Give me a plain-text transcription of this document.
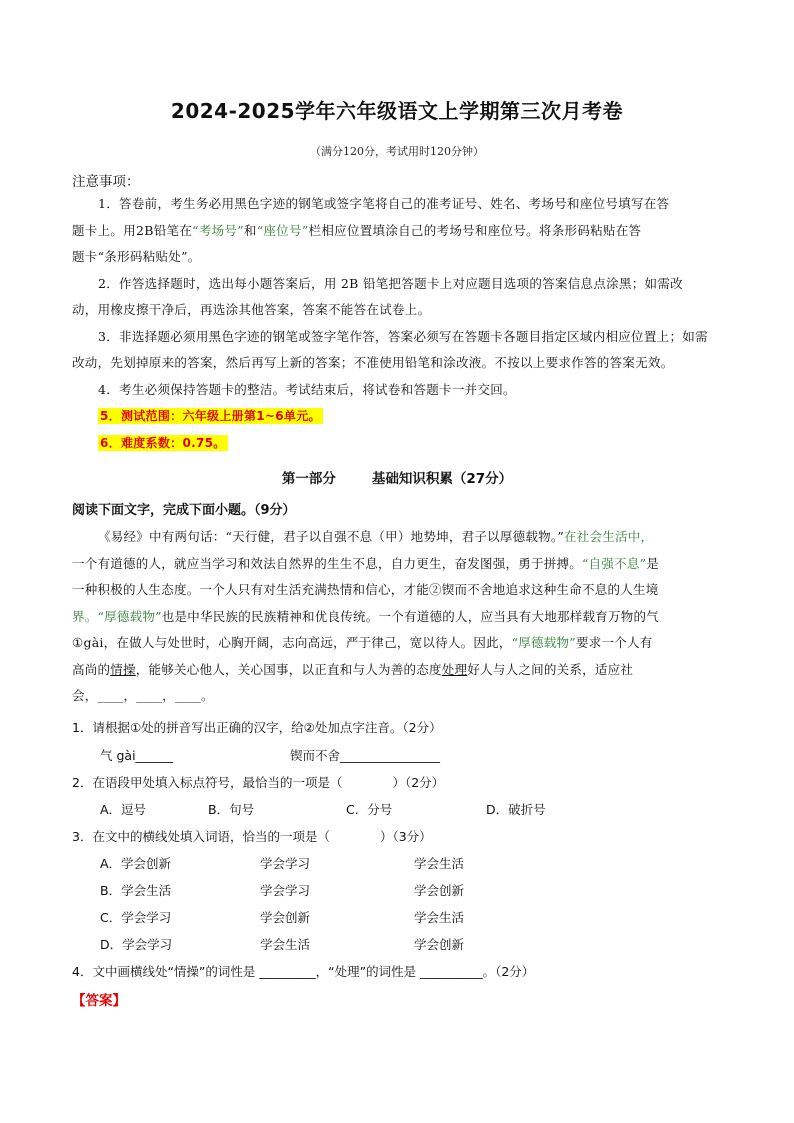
2024-2025学年六年级语文上学期第三次月考卷
（满分120分，考试用时120分钟）
注意事项：

1．答卷前，考生务必用黑色字迹的钢笔或签字笔将自己的准考证号、姓名、考场号和座位号填写在答

题卡上。用2B铅笔在“考场号”和“座位号”栏相应位置填涂自己的考场号和座位号。将条形码粘贴在答

题卡“条形码粘贴处”。

2．作答选择题时，选出每小题答案后，用 2B 铅笔把答题卡上对应题目选项的答案信息点涂黑；如需改

动，用橡皮擦干净后，再选涂其他答案，答案不能答在试卷上。

3．非选择题必须用黑色字迹的钢笔或签字笔作答，答案必须写在答题卡各题目指定区域内相应位置上；如需

改动，先划掉原来的答案，然后再写上新的答案；不准使用铅笔和涂改液。不按以上要求作答的答案无效。

4．考生必须保持答题卡的整洁。考试结束后，将试卷和答题卡一并交回。

5．测试范围：六年级上册第1~6单元。

6．难度系数：0.75。

第一部分	基础知识积累（27分）
阅读下面文字，完成下面小题。（9分）

《易经》中有两句话：“天行健，君子以自强不息（甲）地势坤，君子以厚德载物。”在社会生活中，

一个有道德的人，就应当学习和效法自然界的生生不息，自力更生，奋发图强，勇于拼搏。“自强不息”是

一种积极的人生态度。一个人只有对生活充满热情和信心，才能②锲而不舍地追求这种生命不息的人生境

界。“厚德载物”也是中华民族的民族精神和优良传统。一个有道德的人，应当具有大地那样载育万物的气

①gài，在做人与处世时，心胸开阔，志向高远，严于律己，宽以待人。因此，“厚德载物”要求一个人有

高尚的情操，能够关心他人，关心国事，以正直和与人为善的态度处理好人与人之间的关系，适应社

会，____，____，____。

1．请根据①处的拼音写出正确的汉字，给②处加点字注音。（2分）
气 gài______	锲而不舍________________
2．在语段甲处填入标点符号，最恰当的一项是（　　　　）（2分）
A．逗号	B．句号	C．分号	D．破折号
3．在文中的横线处填入词语，恰当的一项是（　　　　）（3分）
A．学会创新	学会学习	学会生活
B．学会生活	学会学习	学会创新
C．学会学习	学会创新	学会生活
D．学会学习	学会生活	学会创新
4．文中画横线处“情操”的词性是 _________，“处理”的词性是 __________。（2分）
【答案】
